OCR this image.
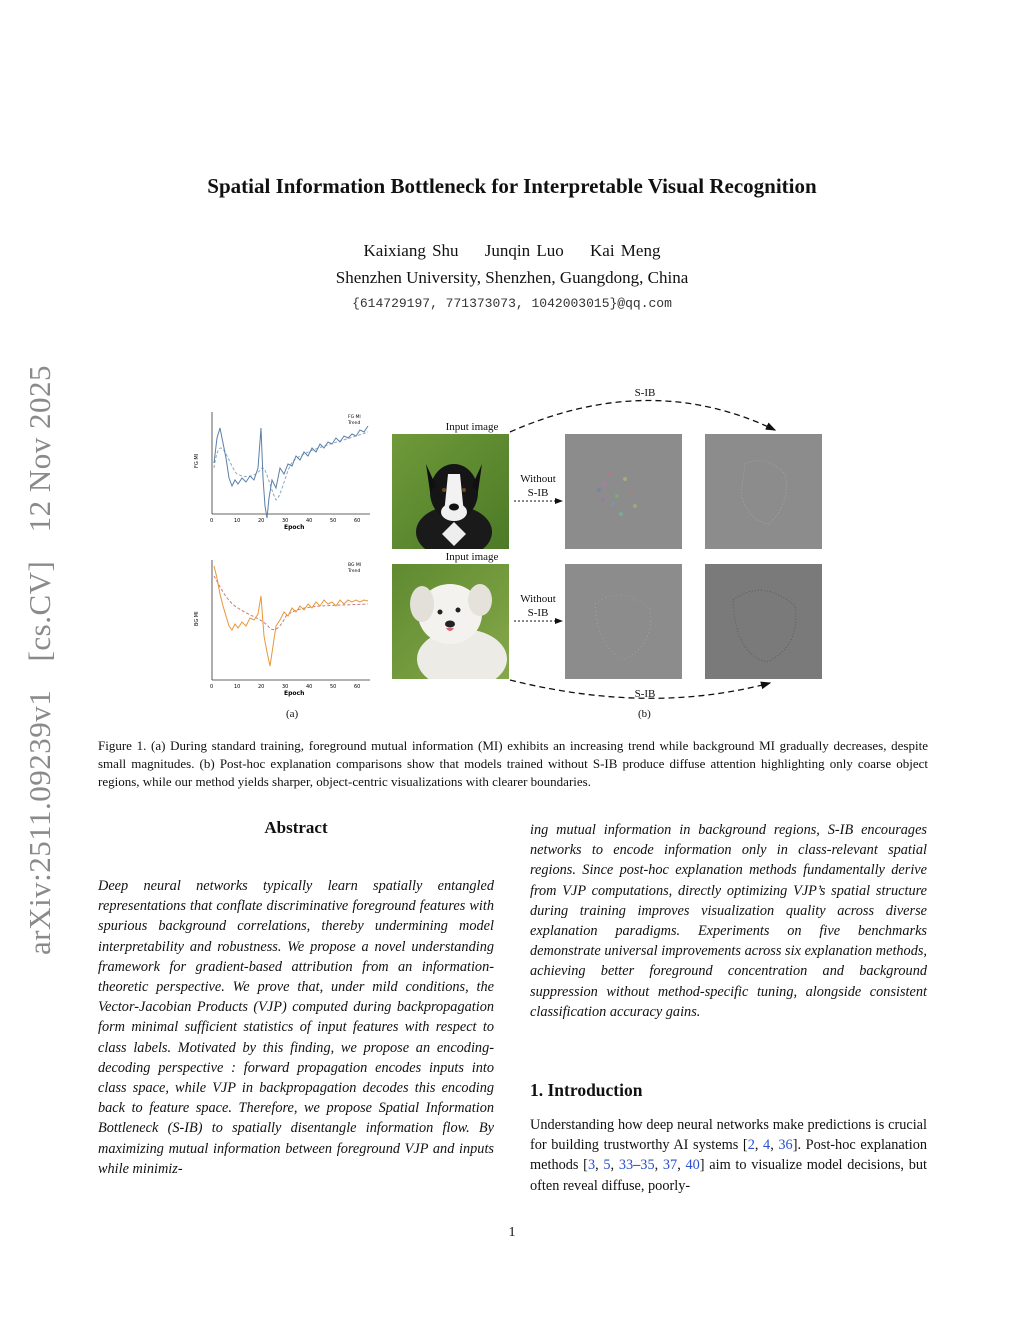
Spatial Information Bottleneck for Interpretable Visual Recognition
Kaixiang Shu Junqin Luo Kai Meng
Shenzhen University, Shenzhen, Guangdong, China
{614729197, 771373073, 1042003015}@qq.com
arXiv:2511.09239v1 [cs.CV] 12 Nov 2025	FG MI
0	10	20	30	40	50	60
Epoch
FG MI
Trend
BG MI
0	10	20	30	40	50	60
Epoch
BG MI
Trend
(a)
Input image
Input image
Without
S-IB
Without
S-IB
S-IB
S-IB
(b)
Figure 1. (a) During standard training, foreground mutual information (MI) exhibits an increasing trend while background MI gradually decreases, despite small magnitudes. (b) Post-hoc explanation comparisons show that models trained without S-IB produce diffuse attention highlighting only coarse object regions, while our method yields sharper, object-centric visualizations with clearer boundaries.
Abstract
Deep neural networks typically learn spatially entangled representations that conflate discriminative foreground features with spurious background correlations, thereby undermining model interpretability and robustness. We propose a novel understanding framework for gradient-based attribution from an information-theoretic perspective. We prove that, under mild conditions, the Vector-Jacobian Products (VJP) computed during backpropagation form minimal sufficient statistics of input features with respect to class labels. Motivated by this finding, we propose an encoding-decoding perspective : forward propagation encodes inputs into class space, while VJP in backpropagation decodes this encoding back to feature space. Therefore, we propose Spatial Information Bottleneck (S-IB) to spatially disentangle information flow. By maximizing mutual information between foreground VJP and inputs while minimiz-
ing mutual information in background regions, S-IB encourages networks to encode information only in class-relevant spatial regions. Since post-hoc explanation methods fundamentally derive from VJP computations, directly optimizing VJP’s spatial structure during training improves visualization quality across diverse explanation paradigms. Experiments on five benchmarks demonstrate universal improvements across six explanation methods, achieving better foreground concentration and background suppression without method-specific tuning, alongside consistent classification accuracy gains.
1. Introduction
Understanding how deep neural networks make predictions is crucial for building trustworthy AI systems [2, 4, 36]. Post-hoc explanation methods [3, 5, 33–35, 37, 40] aim to visualize model decisions, but often reveal diffuse, poorly-
1
